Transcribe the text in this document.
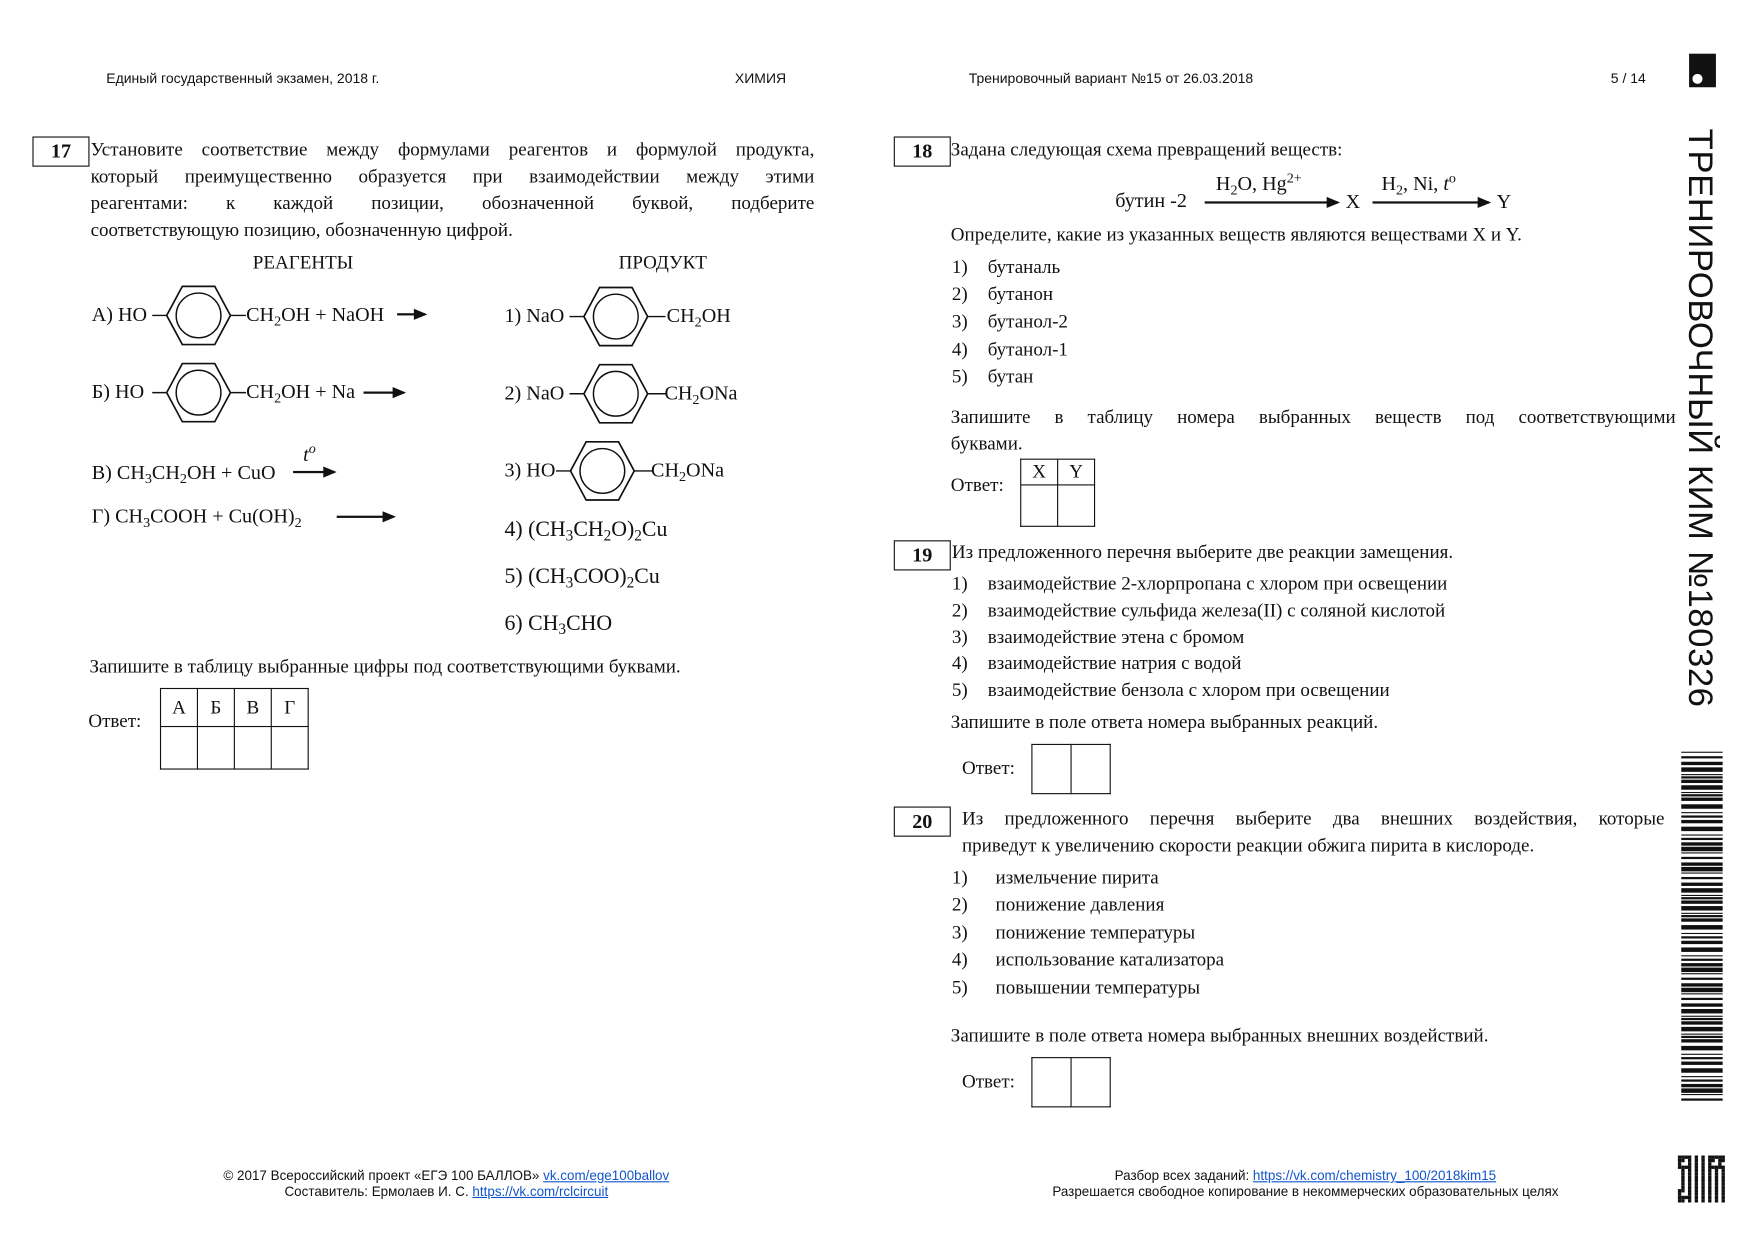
Единый государственный экзамен, 2018 г.	ХИМИЯ	Тренировочный вариант №15 от 26.03.2018	5 / 14
ТРЕНИРОВОЧНЫЙ КИМ №180326
17	Установите соответствие между формулами реагентов и формулой продукта,
который преимущественно образуется при взаимодействии между этими
реагентами: к каждой позиции, обозначенной буквой, подберите
соответствующую позицию, обозначенную цифрой.
РЕАГЕНТЫ	ПРОДУКТ
А) HO	$CH_2OH$ + NaOH
Б) HO	$CH_2OH + Na$
В) $CH_3CH_2OH$ + CuO
$t^o$
Г) $CH_3COOH + Cu(OH)_2$
1) NaO	$CH_2OH$
2) NaO	$CH_2ONa$
3) HO	$CH_2ONa$
4) $(CH_3CH_2O)_2Cu$
5) $(CH_3COO)_2Cu$
6) $CH_3CHO$
Запишите в таблицу выбранные цифры под соответствующими буквами.
Ответ:
А	Б	В	Г

18	Задана следующая схема превращений веществ:
бутин -2
$H_2O$, $Hg^{2+}$
X
$H_2$, Ni, $t^o$
Y
Определите, какие из указанных веществ являются веществами X и Y.
1) бутаналь
2) бутанон
3) бутанол-2
4) бутанол-1
5) бутан
Запишите в таблицу номера выбранных веществ под соответствующими
буквами.
Ответ:
X	Y

19	Из предложенного перечня выберите две реакции замещения.
1) взаимодействие 2-хлорпропана с хлором при освещении
2) взаимодействие сульфида железа(II) с соляной кислотой
3) взаимодействие этена с бромом
4) взаимодействие натрия с водой
5) взаимодействие бензола с хлором при освещении
Запишите в поле ответа номера выбранных реакций.
Ответ:

20	Из предложенного перечня выберите два внешних воздействия, которые
приведут к увеличению скорости реакции обжига пирита в кислороде.
1) измельчение пирита
2) понижение давления
3) понижение температуры
4) использование катализатора
5) повышении температуры
Запишите в поле ответа номера выбранных внешних воздействий.
Ответ:

© 2017 Всероссийский проект «ЕГЭ 100 БАЛЛОВ» vk.com/ege100ballov
Составитель: Ермолаев И. С. https://vk.com/rclcircuit
Разбор всех заданий: https://vk.com/chemistry_100/2018kim15
Разрешается свободное копирование в некоммерческих образовательных целях
